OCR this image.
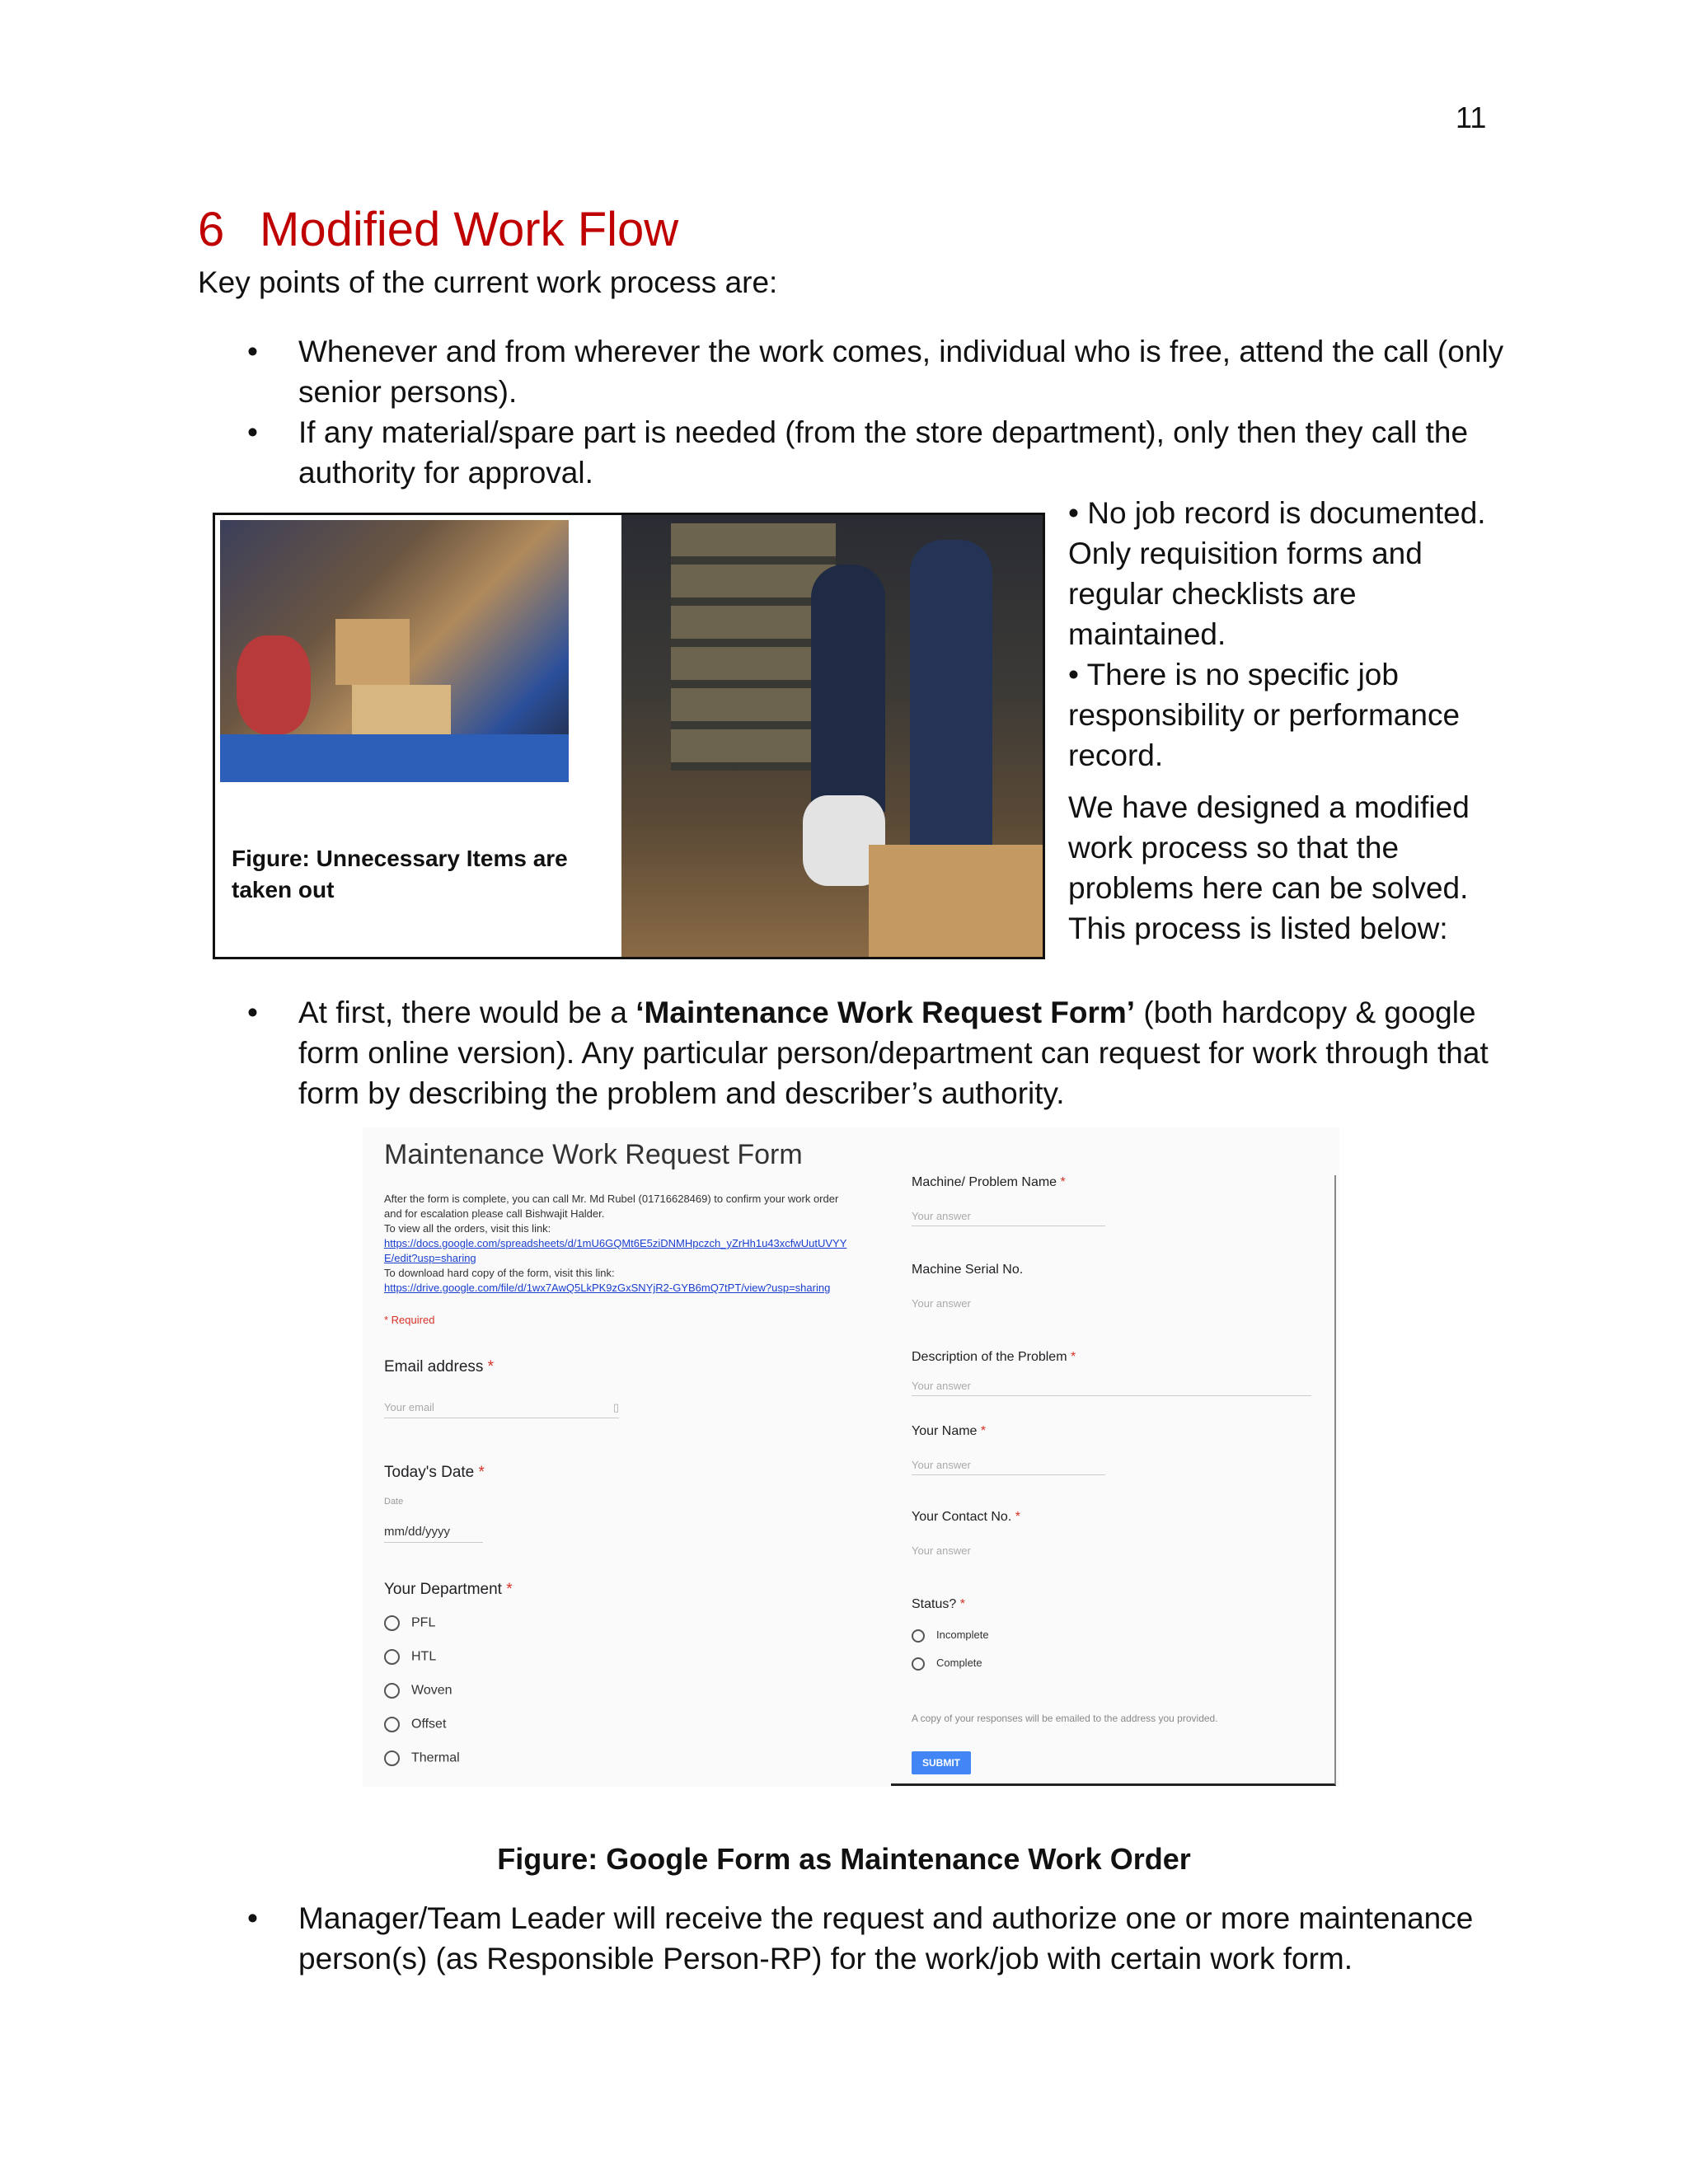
11
6 Modified Work Flow
Key points of the current work process are:
• Whenever and from wherever the work comes, individual who is free, attend the call (only senior persons).
• If any material/spare part is needed (from the store department), only then they call the authority for approval.
Figure: Unnecessary Items are taken out

• No job record is documented. Only requisition forms and regular checklists are maintained.

• There is no specific job responsibility or performance record.

We have designed a modified work process so that the problems here can be solved. This process is listed below:

• At first, there would be a ‘Maintenance Work Request Form’ (both hardcopy & google form online version). Any particular person/department can request for work through that form by describing the problem and describer’s authority.
Maintenance Work Request Form
After the form is complete, you can call Mr. Md Rubel (01716628469) to confirm your work order
and for escalation please call Bishwajit Halder.
To view all the orders, visit this link:
https://docs.google.com/spreadsheets/d/1mU6GQMt6E5ziDNMHpczch_yZrHh1u43xcfwUutUVYY
E/edit?usp=sharing
To download hard copy of the form, visit this link:
https://drive.google.com/file/d/1wx7AwQ5LkPK9zGxSNYjR2-GYB6mQ7tPT/view?usp=sharing
* Required
Email address *
Your email	▯
Today's Date *
Date
mm/dd/yyyy
Your Department *
PFL
HTL
Woven
Offset
Thermal
Machine/ Problem Name *
Your answer
Machine Serial No.
Your answer
Description of the Problem *
Your answer
Your Name *
Your answer
Your Contact No. *
Your answer
Status? *
Incomplete
Complete
A copy of your responses will be emailed to the address you provided.
SUBMIT
Figure: Google Form as Maintenance Work Order
• Manager/Team Leader will receive the request and authorize one or more maintenance person(s) (as Responsible Person-RP) for the work/job with certain work form.
